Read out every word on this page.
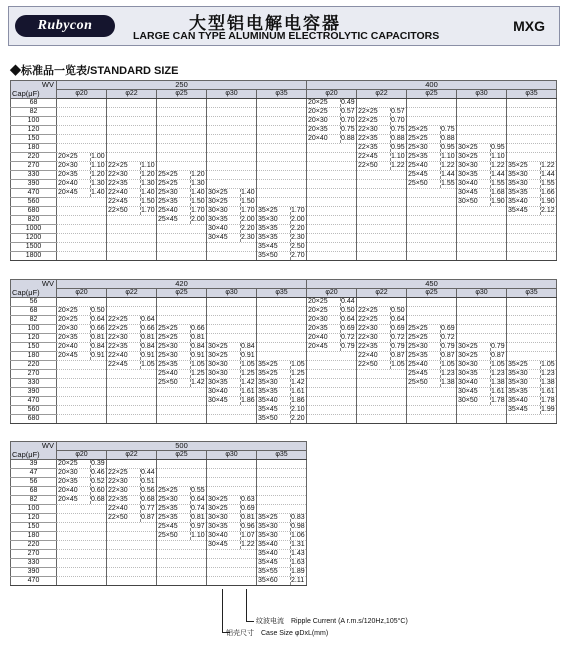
Rubycon	大型铝电解电容器
LARGE CAN TYPE ALUMINUM ELECTROLYTIC CAPACITORS
MXG
◆标准品一览表/STANDARD SIZE
WV
Cap(μF)	250					400				
	φ20	φ22	φ25	φ30	φ35	φ20	φ22	φ25	φ30	φ35
68						20×25 0.49				
82						20×25 0.57	22×25 0.57			
100						20×30 0.70	22×25 0.70			
120						20×35 0.75	22×30 0.75	25×25 0.75		
150						20×40 0.88	22×35 0.88	25×25 0.88		
180							22×35 0.95	25×30 0.95	30×25 0.95	
220	20×25 1.00						22×45 1.10	25×35 1.10	30×25 1.10	
270	20×30 1.10	22×25 1.10					22×50 1.22	25×40 1.22	30×30 1.22	35×25 1.22
330	20×35 1.20	22×30 1.20	25×25 1.20					25×45 1.44	30×35 1.44	35×30 1.44
390	20×40 1.30	22×35 1.30	25×25 1.30					25×50 1.55	30×40 1.55	35×30 1.55
470	20×45 1.40	22×40 1.40	25×30 1.40	30×25 1.40					30×45 1.68	35×35 1.66
560		22×45 1.50	25×35 1.50	30×25 1.50					30×50 1.90	35×40 1.90
680		22×50 1.70	25×40 1.70	30×30 1.70	35×25 1.70					35×45 2.12
820			25×45 2.00	30×35 2.00	35×30 2.00					
1000				30×40 2.20	35×35 2.20					
1200				30×45 2.30	35×35 2.30					
1500					35×45 2.50					
1800					35×50 2.70					
WV
Cap(μF)	420					450				
	φ20	φ22	φ25	φ30	φ35	φ20	φ22	φ25	φ30	φ35
56						20×25 0.44				
68	20×25 0.50					20×25 0.50	22×25 0.50			
82	20×25 0.64	22×25 0.64				20×30 0.64	22×25 0.64			
100	20×30 0.66	22×25 0.66	25×25 0.66			20×35 0.69	22×30 0.69	25×25 0.69		
120	20×35 0.81	22×30 0.81	25×25 0.81			20×40 0.72	22×30 0.72	25×25 0.72		
150	20×40 0.84	22×35 0.84	25×30 0.84	30×25 0.84		20×45 0.79	22×35 0.79	25×30 0.79	30×25 0.79	
180	20×45 0.91	22×40 0.91	25×30 0.91	30×25 0.91			22×40 0.87	25×35 0.87	30×25 0.87	
220		22×45 1.05	25×35 1.05	30×30 1.05	35×25 1.05		22×50 1.05	25×40 1.05	30×30 1.05	35×25 1.05
270			25×40 1.25	30×30 1.25	35×25 1.25			25×45 1.23	30×35 1.23	35×30 1.23
330			25×50 1.42	30×35 1.42	35×30 1.42			25×50 1.38	30×40 1.38	35×30 1.38
390				30×40 1.61	35×35 1.61				30×45 1.61	35×35 1.61
470				30×45 1.86	35×40 1.86				30×50 1.78	35×40 1.78
560					35×45 2.10					35×45 1.99
680					35×50 2.20					
WV
Cap(μF)	500				
	φ20	φ22	φ25	φ30	φ35
39	20×25 0.39				
47	20×30 0.46	22×25 0.44			
56	20×35 0.52	22×30 0.51			
68	20×40 0.60	22×30 0.56	25×25 0.55		
82	20×45 0.68	22×35 0.68	25×30 0.64	30×25 0.63	
100		22×40 0.77	25×35 0.74	30×25 0.69	
120		22×50 0.87	25×35 0.81	30×30 0.81	35×25 0.83
150			25×45 0.97	30×35 0.96	35×30 0.98
180			25×50 1.10	30×40 1.07	35×30 1.06
220				30×45 1.22	35×40 1.31
270					35×40 1.43
330					35×45 1.63
390					35×55 1.89
470					35×60 2.11
纹波电流　Ripple Current (A r.m.s/120Hz,105°C)
铝壳尺寸　Case Size φDxL(mm)
